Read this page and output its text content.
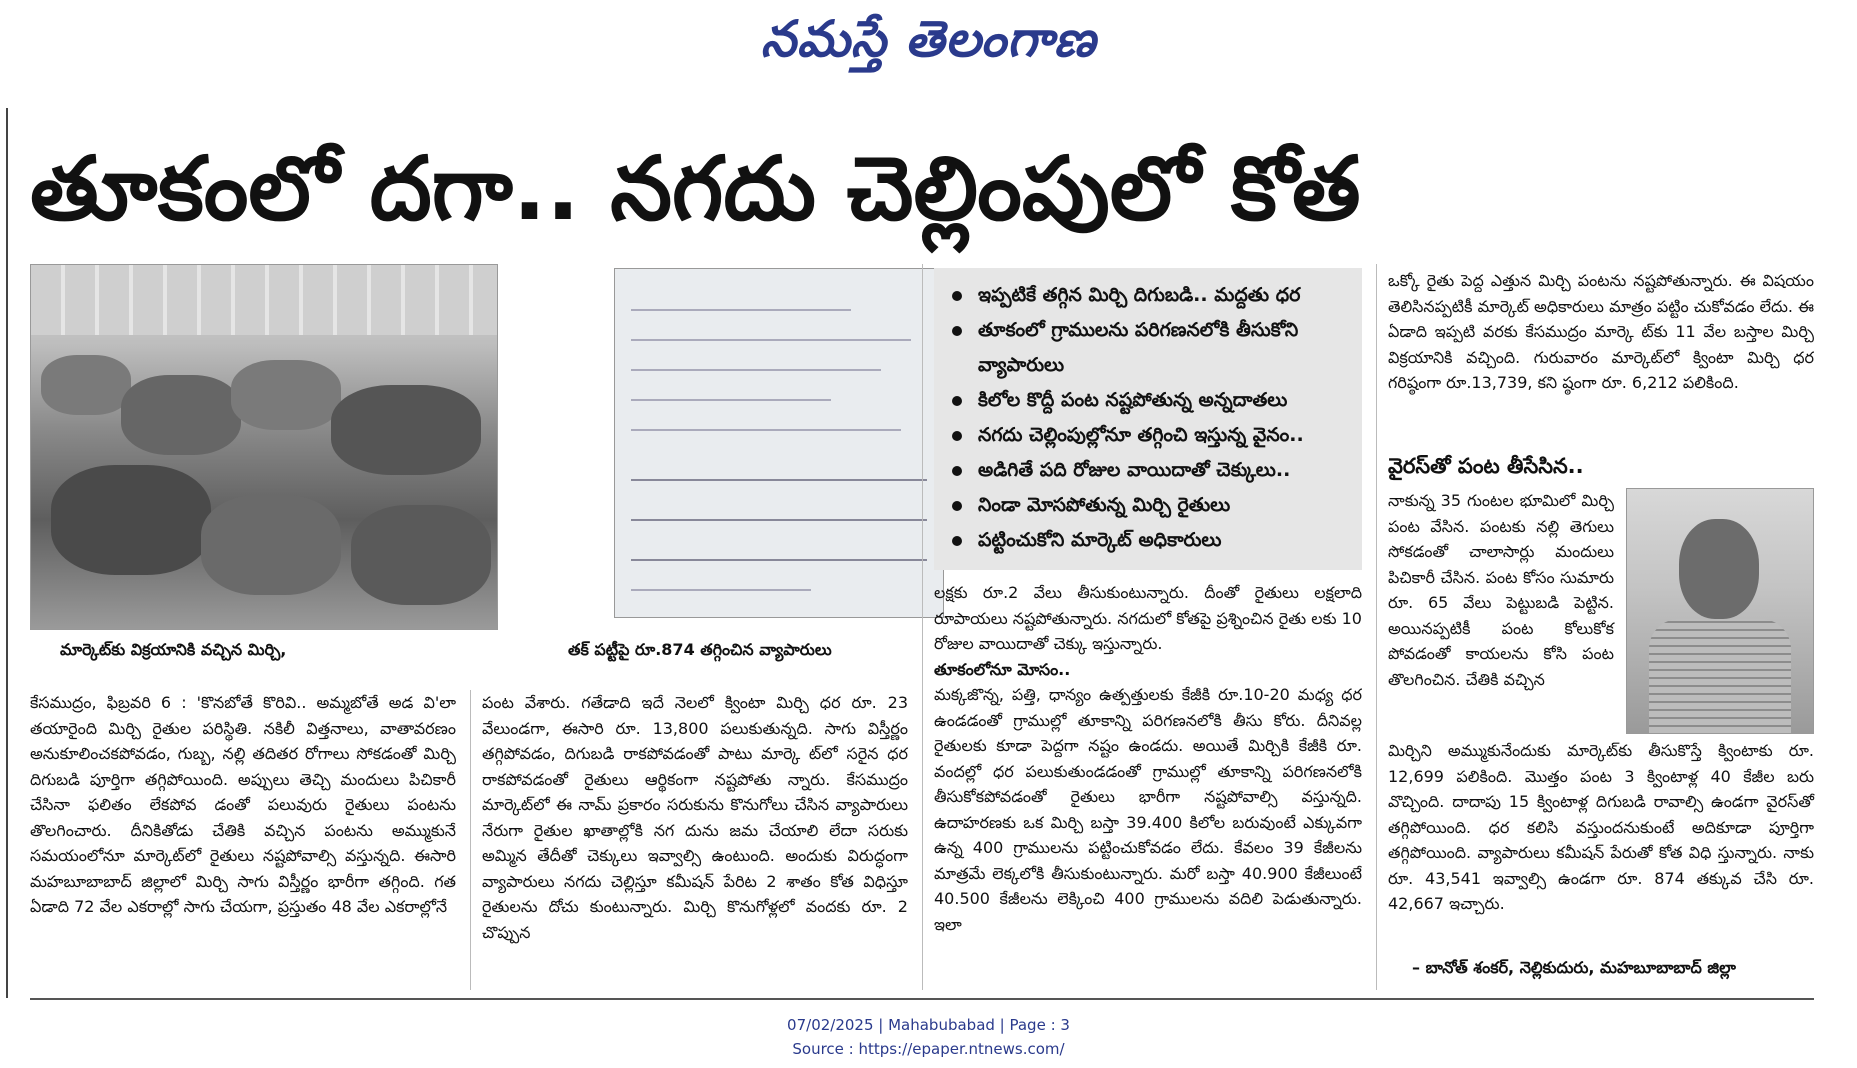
నమస్తే తెలంగాణ
తూకంలో దగా.. నగదు చెల్లింపులో కోత
మార్కెట్‌కు విక్రయానికి వచ్చిన మిర్చి,	తక్ పట్టీపై రూ.874 తగ్గించిన వ్యాపారులు
ఇప్పటికే తగ్గిన మిర్చి దిగుబడి.. మద్దతు ధర
తూకంలో గ్రాములను పరిగణనలోకి తీసుకోని వ్యాపారులు
కిలోల కొద్దీ పంట నష్టపోతున్న అన్నదాతలు
నగదు చెల్లింపుల్లోనూ తగ్గించి ఇస్తున్న వైనం..
అడిగితే పది రోజుల వాయిదాతో చెక్కులు..
నిండా మోసపోతున్న మిర్చి రైతులు
పట్టించుకోని మార్కెట్ అధికారులు

కేసముద్రం, ఫిబ్రవరి 6 : 'కొనబోతే కొరివి.. అమ్మబోతే అడ వి'లా తయారైంది మిర్చి రైతుల పరిస్థితి. నకిలీ విత్తనాలు, వాతావరణం అనుకూలించకపోవడం, గుబ్బ, నల్లి తదితర రోగాలు సోకడంతో మిర్చి దిగుబడి పూర్తిగా తగ్గిపోయింది. అప్పులు తెచ్చి మందులు పిచికారీ చేసినా ఫలితం లేకపోవ డంతో పలువురు రైతులు పంటను తొలగించారు. దీనికితోడు చేతికి వచ్చిన పంటను అమ్ముకునే సమయంలోనూ మార్కెట్‌లో రైతులు నష్టపోవాల్సి వస్తున్నది. ఈసారి మహబూబాబాద్ జిల్లాలో మిర్చి సాగు విస్తీర్ణం భారీగా తగ్గింది. గత ఏడాది 72 వేల ఎకరాల్లో సాగు చేయగా, ప్రస్తుతం 48 వేల ఎకరాల్లోనే

పంట వేశారు. గతేడాది ఇదే నెలలో క్వింటా మిర్చి ధర రూ. 23 వేలుండగా, ఈసారి రూ. 13,800 పలుకుతున్నది. సాగు విస్తీర్ణం తగ్గిపోవడం, దిగుబడి రాకపోవడంతో పాటు మార్కె ట్‌లో సరైన ధర రాకపోవడంతో రైతులు ఆర్థికంగా నష్టపోతు న్నారు. కేసముద్రం మార్కెట్‌లో ఈ నామ్ ప్రకారం సరుకును కొనుగోలు చేసిన వ్యాపారులు నేరుగా రైతుల ఖాతాల్లోకి నగ దును జమ చేయాలి లేదా సరుకు అమ్మిన తేదీతో చెక్కులు ఇవ్వాల్సి ఉంటుంది. అందుకు విరుద్ధంగా వ్యాపారులు నగదు చెల్లిస్తూ కమీషన్ పేరిట 2 శాతం కోత విధిస్తూ రైతులను దోచు కుంటున్నారు. మిర్చి కొనుగోళ్లలో వందకు రూ. 2 చొప్పున

లక్షకు రూ.2 వేలు తీసుకుంటున్నారు. దీంతో రైతులు లక్షలాది రూపాయలు నష్టపోతున్నారు. నగదులో కోతపై ప్రశ్నించిన రైతు లకు 10 రోజుల వాయిదాతో చెక్కు ఇస్తున్నారు.

తూకంలోనూ మోసం..

మక్కజొన్న, పత్తి, ధాన్యం ఉత్పత్తులకు కేజీకి రూ.10-20 మధ్య ధర ఉండడంతో గ్రాముల్లో తూకాన్ని పరిగణనలోకి తీసు కోరు. దీనివల్ల రైతులకు కూడా పెద్దగా నష్టం ఉండదు. అయితే మిర్చికి కేజీకి రూ. వందల్లో ధర పలుకుతుండడంతో గ్రాముల్లో తూకాన్ని పరిగణనలోకి తీసుకోకపోవడంతో రైతులు భారీగా నష్టపోవాల్సి వస్తున్నది. ఉదాహరణకు ఒక మిర్చి బస్తా 39.400 కిలోల బరువుంటే ఎక్కువగా ఉన్న 400 గ్రాములను పట్టించుకోవడం లేదు. కేవలం 39 కేజీలను మాత్రమే లెక్కలోకి తీసుకుంటున్నారు. మరో బస్తా 40.900 కేజీలుంటే 40.500 కేజీలను లెక్కించి 400 గ్రాములను వదిలి పెడుతున్నారు. ఇలా

ఒక్కో రైతు పెద్ద ఎత్తున మిర్చి పంటను నష్టపోతున్నారు. ఈ విషయం తెలిసినప్పటికీ మార్కెట్ అధికారులు మాత్రం పట్టిం చుకోవడం లేదు. ఈ ఏడాది ఇప్పటి వరకు కేసముద్రం మార్కె ట్‌కు 11 వేల బస్తాల మిర్చి విక్రయానికి వచ్చింది. గురువారం మార్కెట్‌లో క్వింటా మిర్చి ధర గరిష్ఠంగా రూ.13,739, కని ష్ఠంగా రూ. 6,212 పలికింది.

వైరస్‌తో పంట తీసేసిన..

నాకున్న 35 గుంటల భూమిలో మిర్చి పంట వేసిన. పంటకు నల్లి తెగులు సోకడంతో చాలాసార్లు మందులు పిచికారీ చేసిన. పంట కోసం సుమారు రూ. 65 వేలు పెట్టుబడి పెట్టిన. అయినప్పటికీ పంట కోలుకోక పోవడంతో కాయలను కోసి పంట తొలగించిన. చేతికి వచ్చిన

మిర్చిని అమ్ముకునేందుకు మార్కెట్‌కు తీసుకొస్తే క్వింటాకు రూ. 12,699 పలికింది. మొత్తం పంట 3 క్వింటాళ్ల 40 కేజీల బరు వొచ్చింది. దాదాపు 15 క్వింటాళ్ల దిగుబడి రావాల్సి ఉండగా వైరస్‌తో తగ్గిపోయింది. ధర కలిసి వస్తుందనుకుంటే అదికూడా పూర్తిగా తగ్గిపోయింది. వ్యాపారులు కమీషన్ పేరుతో కోత విధి స్తున్నారు. నాకు రూ. 43,541 ఇవ్వాల్సి ఉండగా రూ. 874 తక్కువ చేసి రూ. 42,667 ఇచ్చారు.

– బానోత్ శంకర్, నెల్లికుదురు, మహబూబాబాద్ జిల్లా
07/02/2025 | Mahabubabad | Page : 3
Source : https://epaper.ntnews.com/
